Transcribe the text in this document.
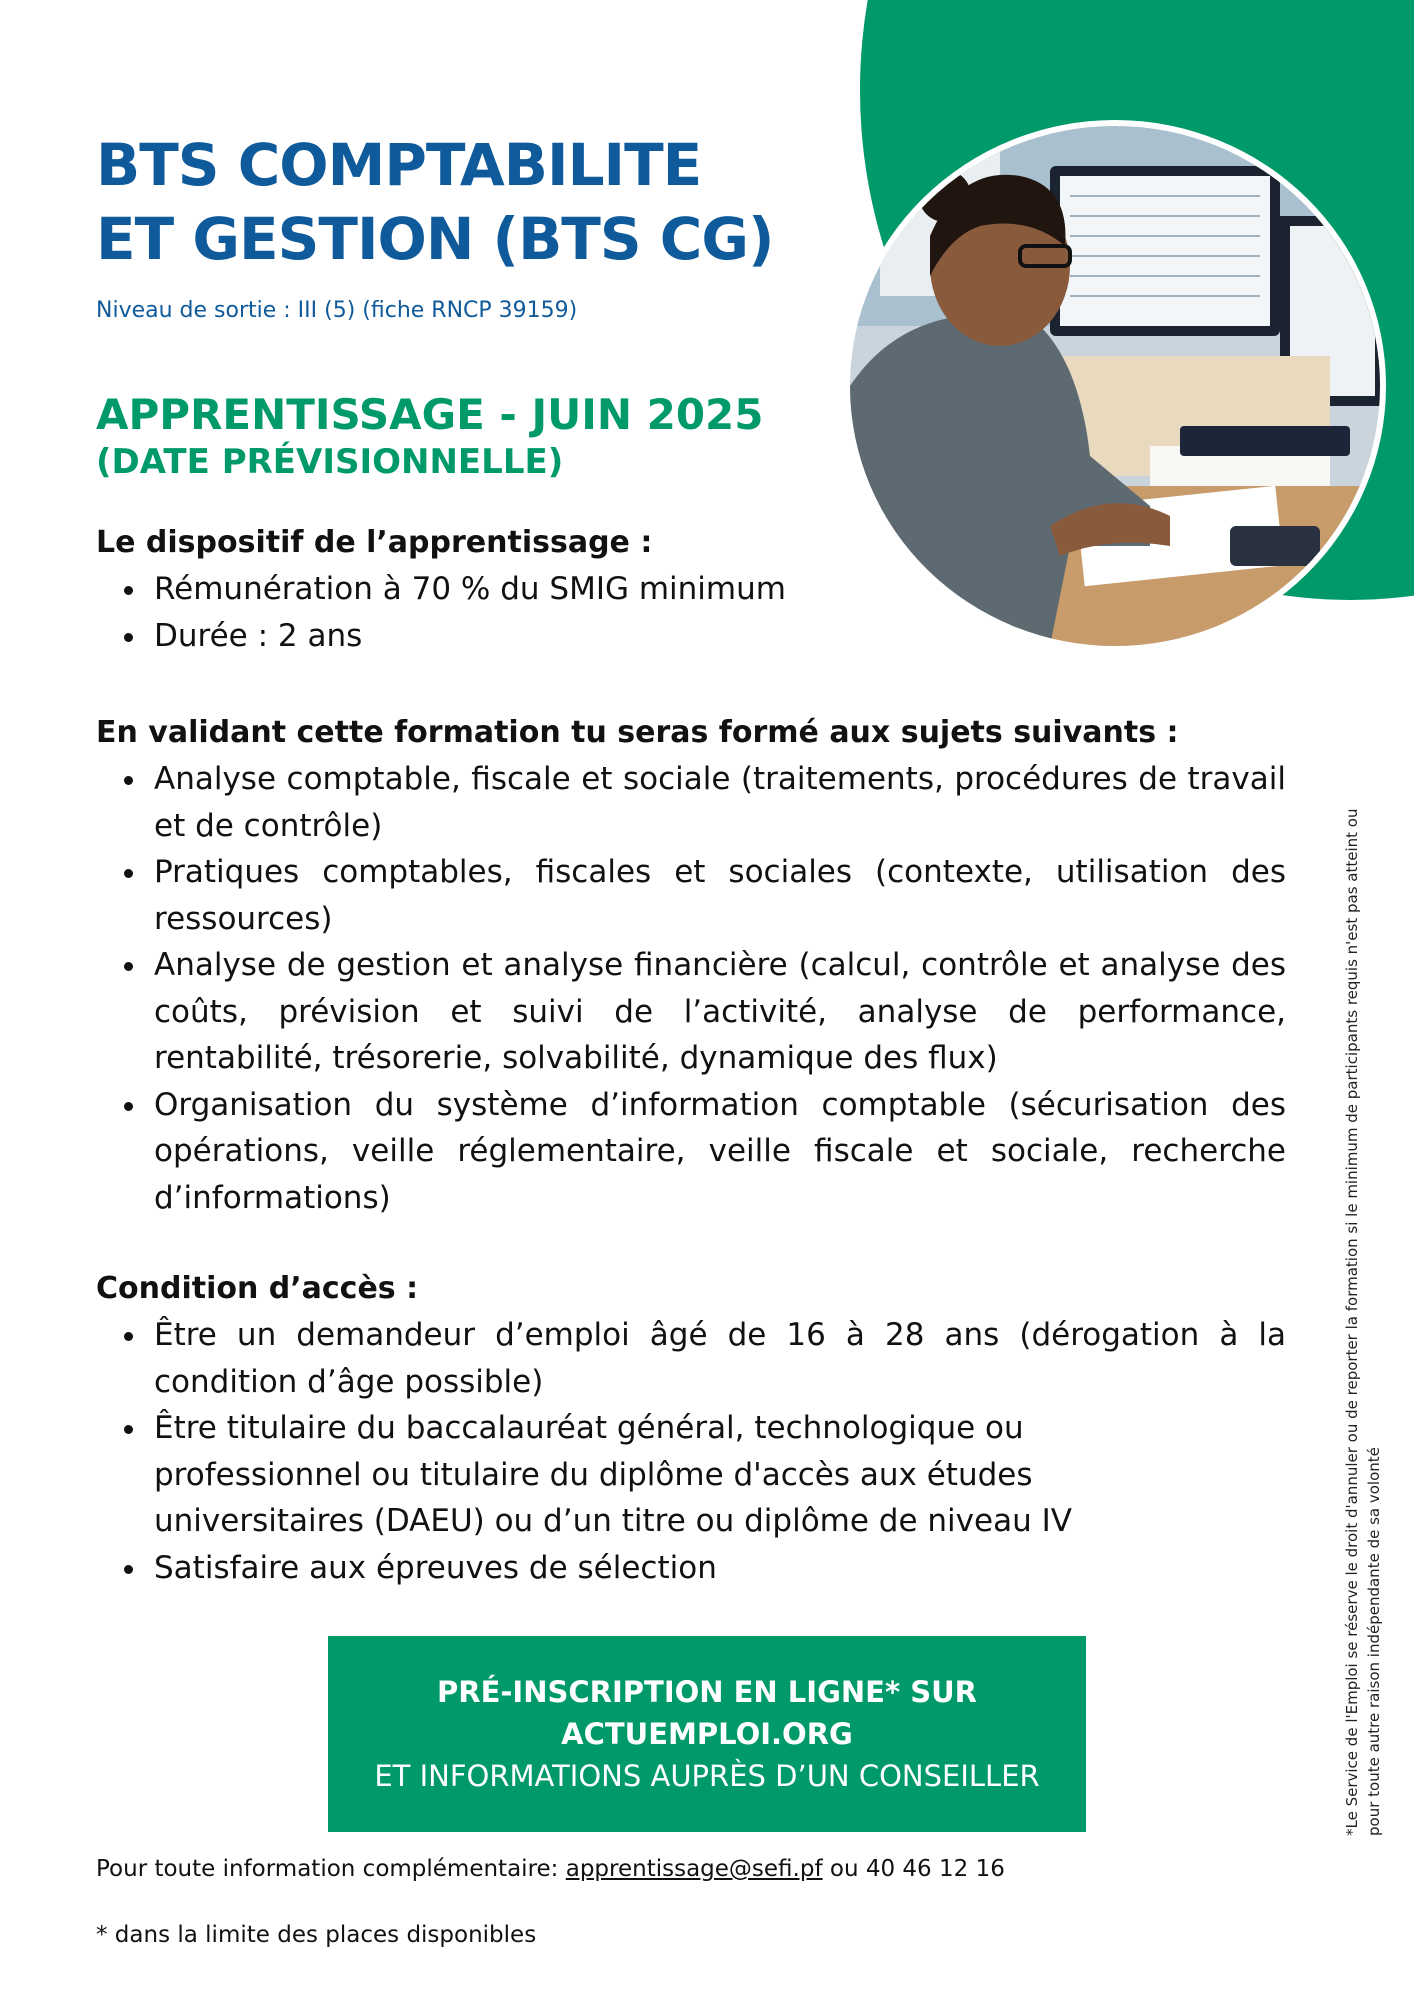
BTS COMPTABILITE
ET GESTION (BTS CG)
Niveau de sortie : III (5) (fiche RNCP 39159)
APPRENTISSAGE - JUIN 2025
(DATE PRÉVISIONNELLE)
Le dispositif de l’apprentissage :
Rémunération à 70 % du SMIG minimum
Durée : 2 ans
En validant cette formation tu seras formé aux sujets suivants :
Analyse comptable, fiscale et sociale (traitements, procédures de travail et de contrôle)
Pratiques comptables, fiscales et sociales (contexte, utilisation des ressources)
Analyse de gestion et analyse financière (calcul, contrôle et analyse des coûts, prévision et suivi de l’activité, analyse de performance, rentabilité, trésorerie, solvabilité, dynamique des flux)
Organisation du système d’information comptable (sécurisation des opérations, veille réglementaire, veille fiscale et sociale, recherche d’informations)
Condition d’accès :
Être un demandeur d’emploi âgé de 16 à 28 ans (dérogation à la condition d’âge possible)
Être titulaire du baccalauréat général, technologique ou professionnel ou titulaire du diplôme d'accès aux études universitaires (DAEU) ou d’un titre ou diplôme de niveau IV
Satisfaire aux épreuves de sélection
PRÉ-INSCRIPTION EN LIGNE* SUR
ACTUEMPLOI.ORG
ET INFORMATIONS AUPRÈS D’UN CONSEILLER
Pour toute information complémentaire: apprentissage@sefi.pf ou 40 46 12 16
* dans la limite des places disponibles
*Le Service de l'Emploi se réserve le droit d'annuler ou de reporter la formation si le minimum de participants requis n'est pas atteint ou pour toute autre raison indépendante de sa volonté
